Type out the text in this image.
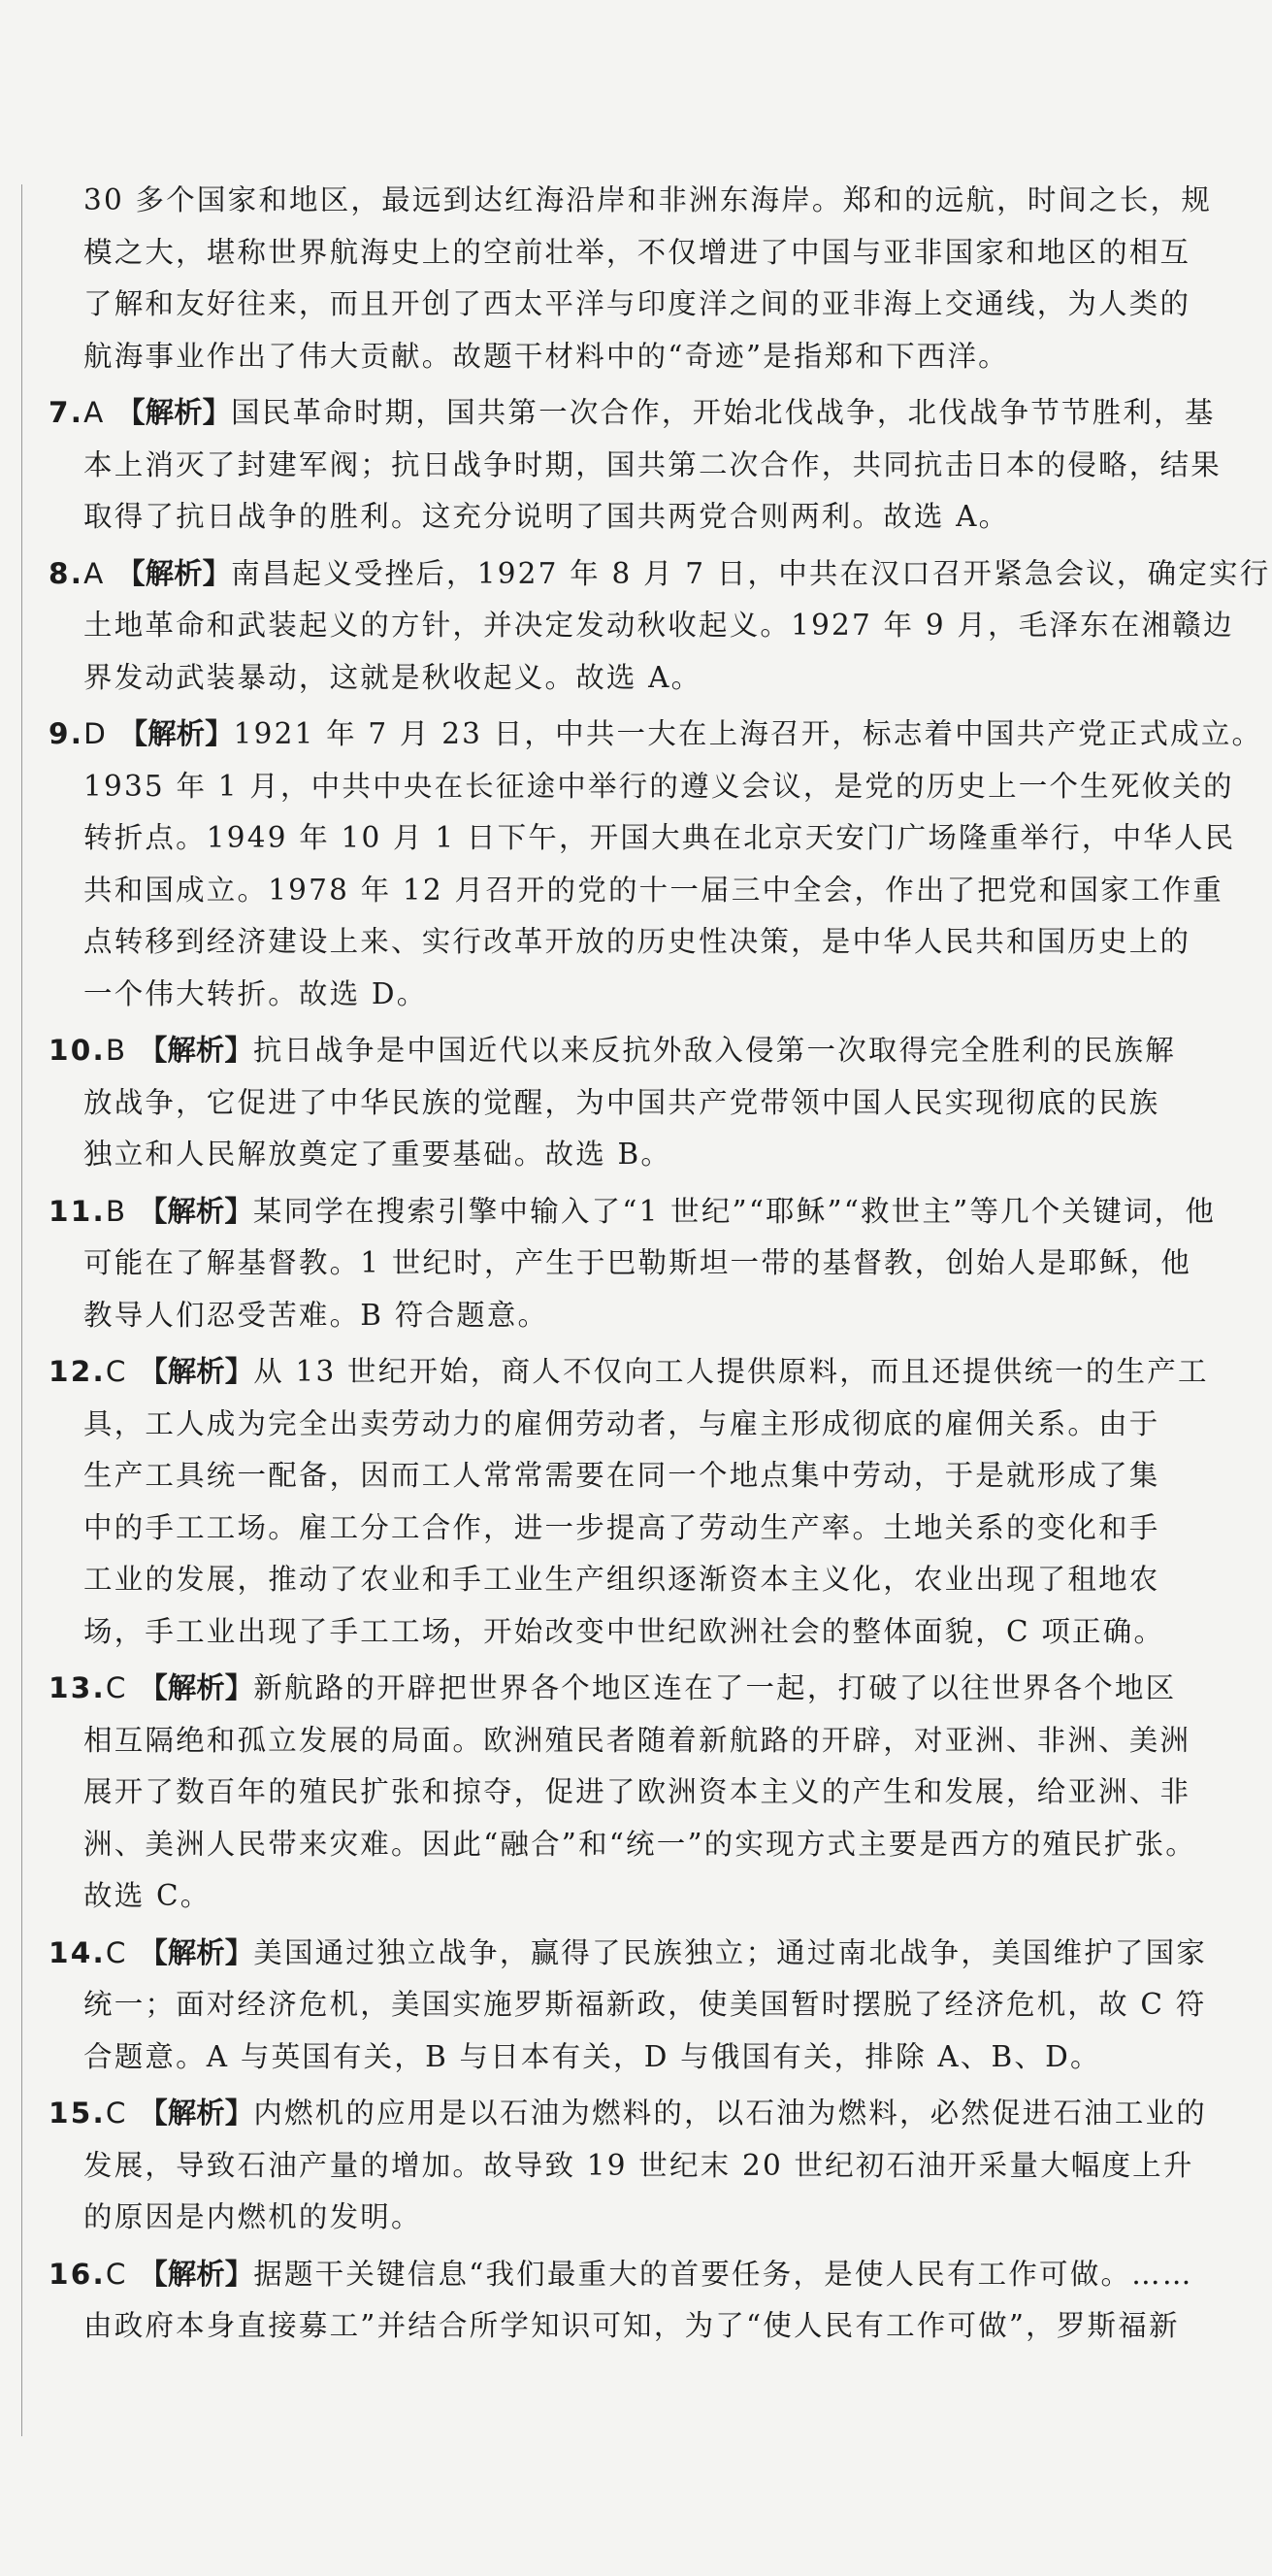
30 多个国家和地区，最远到达红海沿岸和非洲东海岸。郑和的远航，时间之长，规
模之大，堪称世界航海史上的空前壮举，不仅增进了中国与亚非国家和地区的相互
了解和友好往来，而且开创了西太平洋与印度洋之间的亚非海上交通线，为人类的
航海事业作出了伟大贡献。故题干材料中的“奇迹”是指郑和下西洋。
7.A 【解析】国民革命时期，国共第一次合作，开始北伐战争，北伐战争节节胜利，基
本上消灭了封建军阀；抗日战争时期，国共第二次合作，共同抗击日本的侵略，结果
取得了抗日战争的胜利。这充分说明了国共两党合则两利。故选 A。
8.A 【解析】南昌起义受挫后，1927 年 8 月 7 日，中共在汉口召开紧急会议，确定实行
土地革命和武装起义的方针，并决定发动秋收起义。1927 年 9 月，毛泽东在湘赣边
界发动武装暴动，这就是秋收起义。故选 A。
9.D 【解析】1921 年 7 月 23 日，中共一大在上海召开，标志着中国共产党正式成立。
1935 年 1 月，中共中央在长征途中举行的遵义会议，是党的历史上一个生死攸关的
转折点。1949 年 10 月 1 日下午，开国大典在北京天安门广场隆重举行，中华人民
共和国成立。1978 年 12 月召开的党的十一届三中全会，作出了把党和国家工作重
点转移到经济建设上来、实行改革开放的历史性决策，是中华人民共和国历史上的
一个伟大转折。故选 D。
10.B 【解析】抗日战争是中国近代以来反抗外敌入侵第一次取得完全胜利的民族解
放战争，它促进了中华民族的觉醒，为中国共产党带领中国人民实现彻底的民族
独立和人民解放奠定了重要基础。故选 B。
11.B 【解析】某同学在搜索引擎中输入了“1 世纪”“耶稣”“救世主”等几个关键词，他
可能在了解基督教。1 世纪时，产生于巴勒斯坦一带的基督教，创始人是耶稣，他
教导人们忍受苦难。B 符合题意。
12.C 【解析】从 13 世纪开始，商人不仅向工人提供原料，而且还提供统一的生产工
具，工人成为完全出卖劳动力的雇佣劳动者，与雇主形成彻底的雇佣关系。由于
生产工具统一配备，因而工人常常需要在同一个地点集中劳动，于是就形成了集
中的手工工场。雇工分工合作，进一步提高了劳动生产率。土地关系的变化和手
工业的发展，推动了农业和手工业生产组织逐渐资本主义化，农业出现了租地农
场，手工业出现了手工工场，开始改变中世纪欧洲社会的整体面貌，C 项正确。
13.C 【解析】新航路的开辟把世界各个地区连在了一起，打破了以往世界各个地区
相互隔绝和孤立发展的局面。欧洲殖民者随着新航路的开辟，对亚洲、非洲、美洲
展开了数百年的殖民扩张和掠夺，促进了欧洲资本主义的产生和发展，给亚洲、非
洲、美洲人民带来灾难。因此“融合”和“统一”的实现方式主要是西方的殖民扩张。
故选 C。
14.C 【解析】美国通过独立战争，赢得了民族独立；通过南北战争，美国维护了国家
统一；面对经济危机，美国实施罗斯福新政，使美国暂时摆脱了经济危机，故 C 符
合题意。A 与英国有关，B 与日本有关，D 与俄国有关，排除 A、B、D。
15.C 【解析】内燃机的应用是以石油为燃料的，以石油为燃料，必然促进石油工业的
发展，导致石油产量的增加。故导致 19 世纪末 20 世纪初石油开采量大幅度上升
的原因是内燃机的发明。
16.C 【解析】据题干关键信息“我们最重大的首要任务，是使人民有工作可做。……
由政府本身直接募工”并结合所学知识可知，为了“使人民有工作可做”，罗斯福新
